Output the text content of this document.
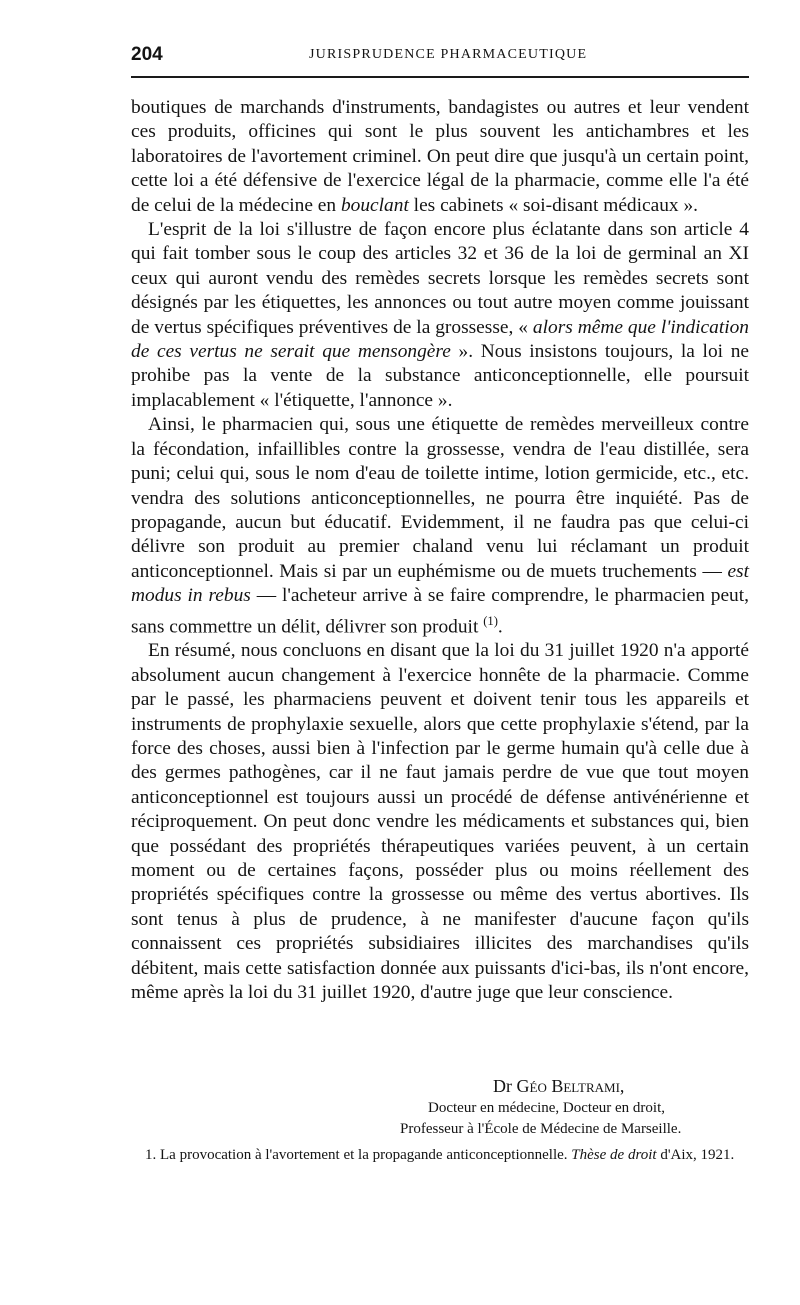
204	JURISPRUDENCE PHARMACEUTIQUE

boutiques de marchands d'instruments, bandagistes ou autres et leur vendent ces produits, officines qui sont le plus souvent les antichambres et les laboratoires de l'avortement criminel. On peut dire que jusqu'à un certain point, cette loi a été défensive de l'exercice légal de la pharmacie, comme elle l'a été de celui de la médecine en bouclant les cabinets « soi-disant médicaux ».

L'esprit de la loi s'illustre de façon encore plus éclatante dans son article 4 qui fait tomber sous le coup des articles 32 et 36 de la loi de germinal an XI ceux qui auront vendu des remèdes secrets lorsque les remèdes secrets sont désignés par les étiquettes, les annonces ou tout autre moyen comme jouissant de vertus spécifiques préventives de la grossesse, « alors même que l'indication de ces vertus ne serait que mensongère ». Nous insistons toujours, la loi ne prohibe pas la vente de la substance anticonceptionnelle, elle poursuit implacablement « l'étiquette, l'annonce ».

Ainsi, le pharmacien qui, sous une étiquette de remèdes merveilleux contre la fécondation, infaillibles contre la grossesse, vendra de l'eau distillée, sera puni; celui qui, sous le nom d'eau de toilette intime, lotion germicide, etc., etc. vendra des solutions anticonceptionnelles, ne pourra être inquiété. Pas de propagande, aucun but éducatif. Evidemment, il ne faudra pas que celui-ci délivre son produit au premier chaland venu lui réclamant un produit anticonceptionnel. Mais si par un euphémisme ou de muets truchements — est modus in rebus — l'acheteur arrive à se faire comprendre, le pharmacien peut, sans commettre un délit, délivrer son produit $^{(1)}$.

En résumé, nous concluons en disant que la loi du 31 juillet 1920 n'a apporté absolument aucun changement à l'exercice honnête de la pharmacie. Comme par le passé, les pharmaciens peuvent et doivent tenir tous les appareils et instruments de prophylaxie sexuelle, alors que cette prophylaxie s'étend, par la force des choses, aussi bien à l'infection par le germe humain qu'à celle due à des germes pathogènes, car il ne faut jamais perdre de vue que tout moyen anticonceptionnel est toujours aussi un procédé de défense antivénérienne et réciproquement. On peut donc vendre les médicaments et substances qui, bien que possédant des propriétés thérapeutiques variées peuvent, à un certain moment ou de certaines façons, posséder plus ou moins réellement des propriétés spécifiques contre la grossesse ou même des vertus abortives. Ils sont tenus à plus de prudence, à ne manifester d'aucune façon qu'ils connaissent ces propriétés subsidiaires illicites des marchandises qu'ils débitent, mais cette satisfaction donnée aux puissants d'ici-bas, ils n'ont encore, même après la loi du 31 juillet 1920, d'autre juge que leur conscience.

Dr Géo Beltrami,
Docteur en médecine, Docteur en droit,
Professeur à l'École de Médecine de Marseille.
1. La provocation à l'avortement et la propagande anticonceptionnelle. Thèse de droit d'Aix, 1921.
